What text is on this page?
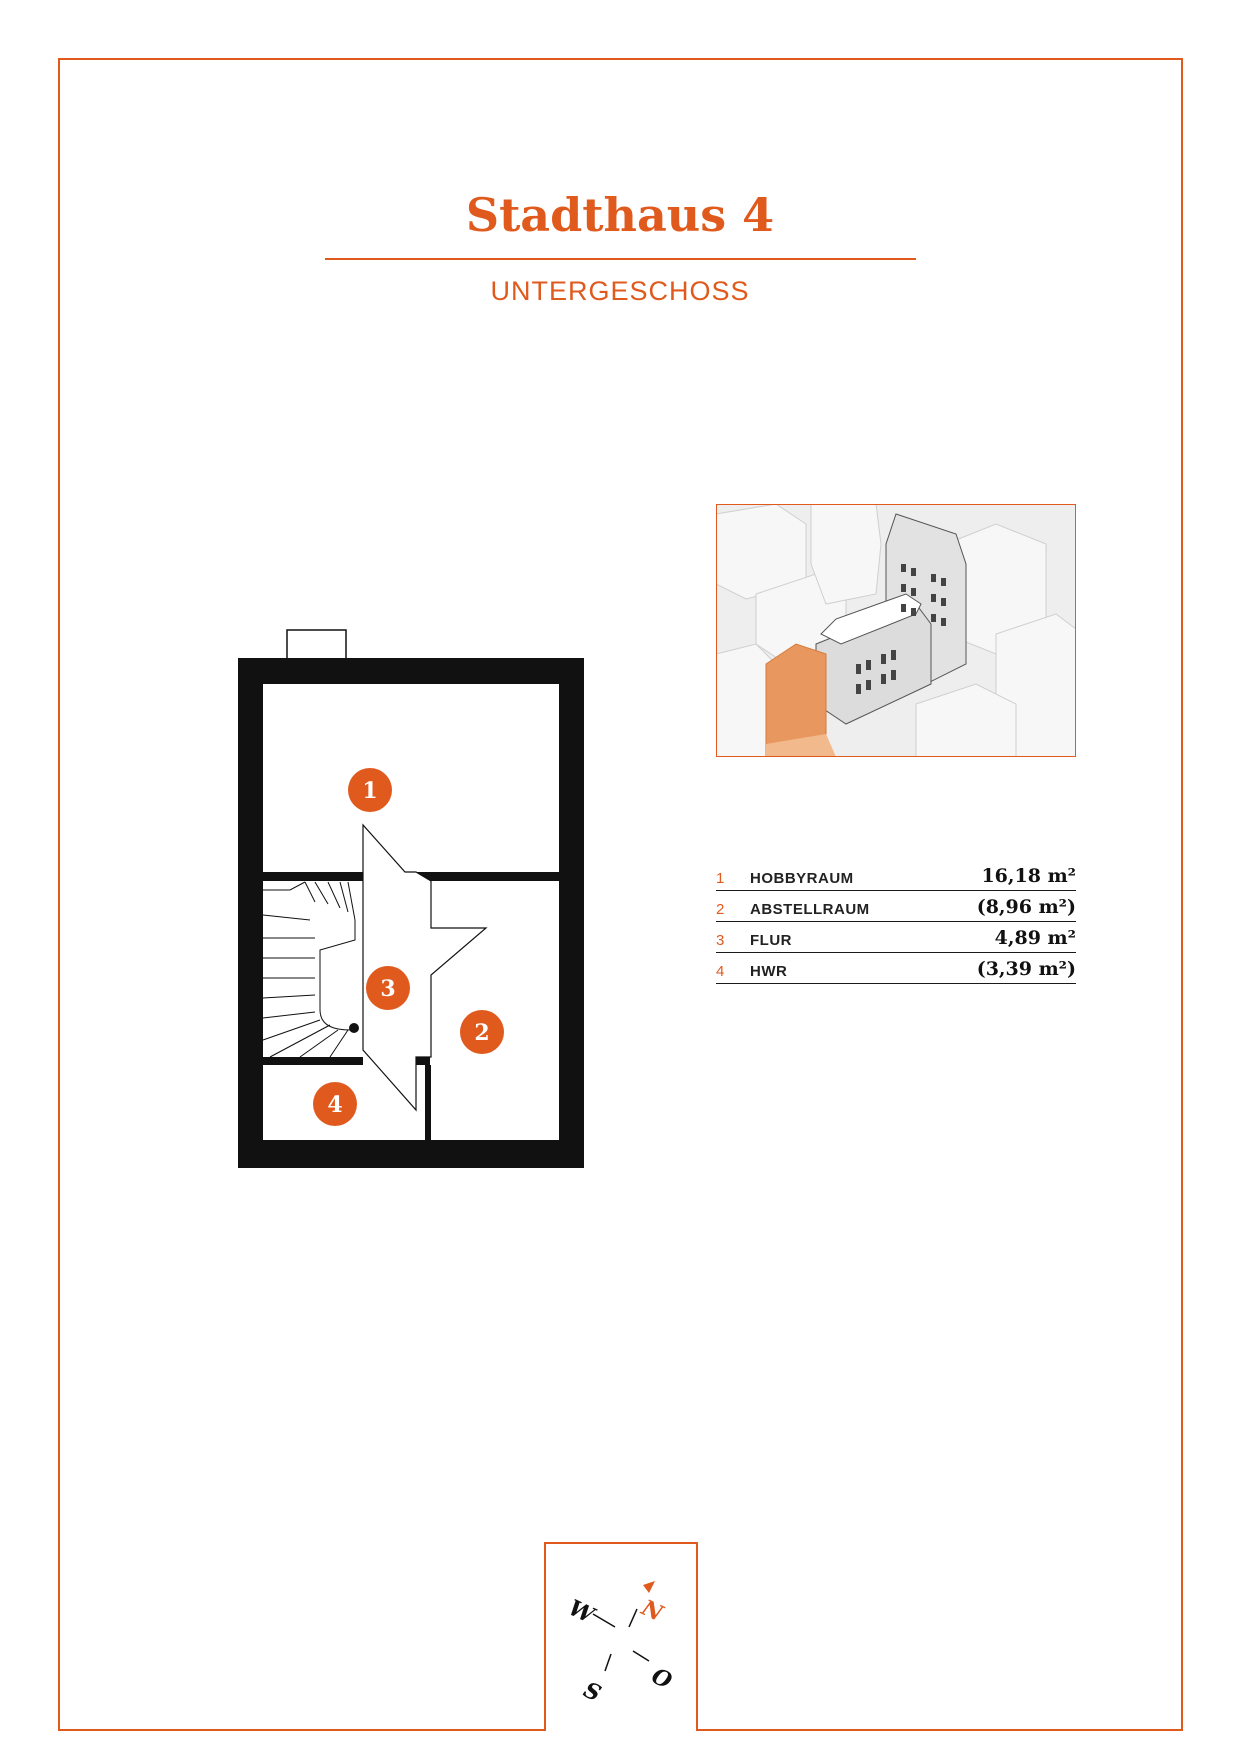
Stadthaus 4
UNTERGESCHOSS
1
2
3
4
1	HOBBYRAUM	16,18 m²
2	ABSTELLRAUM	(8,96 m²)
3	FLUR	4,89 m²
4	HWR	(3,39 m²)
N
W
O
S
